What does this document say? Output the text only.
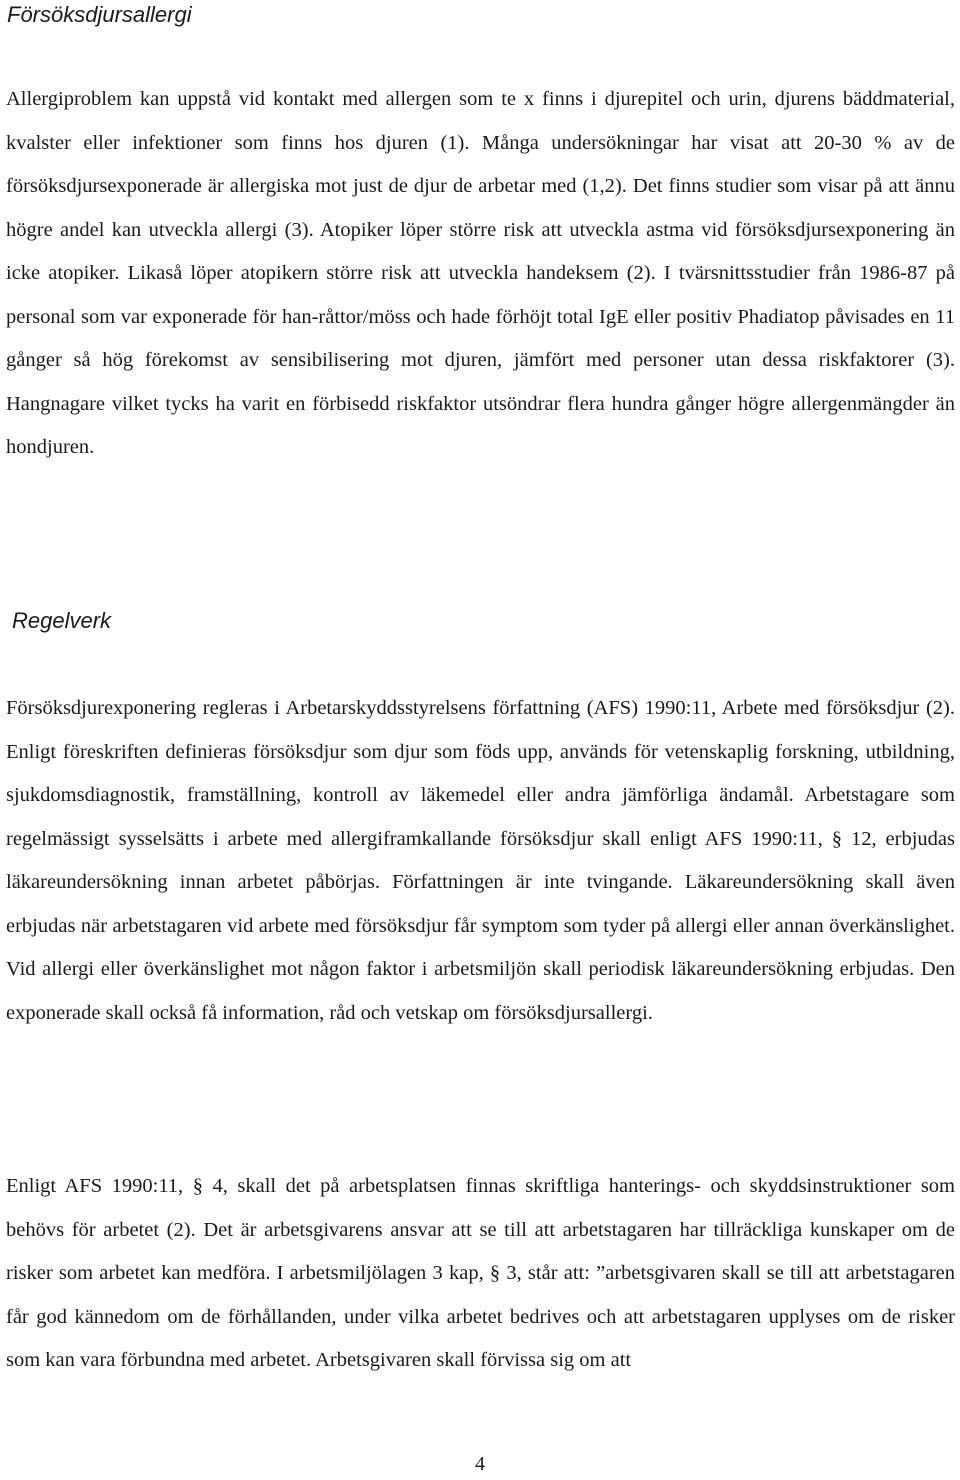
Försöksdjursallergi

Allergiproblem kan uppstå vid kontakt med allergen som te x finns i djurepitel och urin, djurens bäddmaterial, kvalster eller infektioner som finns hos djuren (1). Många undersökningar har visat att 20-30 % av de försöksdjursexponerade är allergiska mot just de djur de arbetar med (1,2). Det finns studier som visar på att ännu högre andel kan utveckla allergi (3). Atopiker löper större risk att utveckla astma vid försöksdjursexponering än icke atopiker. Likaså löper atopikern större risk att utveckla handeksem (2). I tvärsnittsstudier från 1986-87 på personal som var exponerade för han-råttor/möss och hade förhöjt total IgE eller positiv Phadiatop påvisades en 11 gånger så hög förekomst av sensibilisering mot djuren, jämfört med personer utan dessa riskfaktorer (3). Hangnagare vilket tycks ha varit en förbisedd riskfaktor utsöndrar flera hundra gånger högre allergenmängder än hondjuren.

Regelverk

Försöksdjurexponering regleras i Arbetarskyddsstyrelsens författning (AFS) 1990:11, Arbete med försöksdjur (2). Enligt föreskriften definieras försöksdjur som djur som föds upp, används för vetenskaplig forskning, utbildning, sjukdomsdiagnostik, framställning, kontroll av läkemedel eller andra jämförliga ändamål. Arbetstagare som regelmässigt sysselsätts i arbete med allergiframkallande försöksdjur skall enligt AFS 1990:11, § 12, erbjudas läkareundersökning innan arbetet påbörjas. Författningen är inte tvingande. Läkareundersökning skall även erbjudas när arbetstagaren vid arbete med försöksdjur får symptom som tyder på allergi eller annan överkänslighet. Vid allergi eller överkänslighet mot någon faktor i arbetsmiljön skall periodisk läkareundersökning erbjudas. Den exponerade skall också få information, råd och vetskap om försöksdjursallergi.

Enligt AFS 1990:11, § 4, skall det på arbetsplatsen finnas skriftliga hanterings- och skyddsinstruktioner som behövs för arbetet (2). Det är arbetsgivarens ansvar att se till att arbetstagaren har tillräckliga kunskaper om de risker som arbetet kan medföra. I arbetsmiljölagen 3 kap, § 3, står att: ”arbetsgivaren skall se till att arbetstagaren får god kännedom om de förhållanden, under vilka arbetet bedrives och att arbetstagaren upplyses om de risker som kan vara förbundna med arbetet. Arbetsgivaren skall förvissa sig om att

4
